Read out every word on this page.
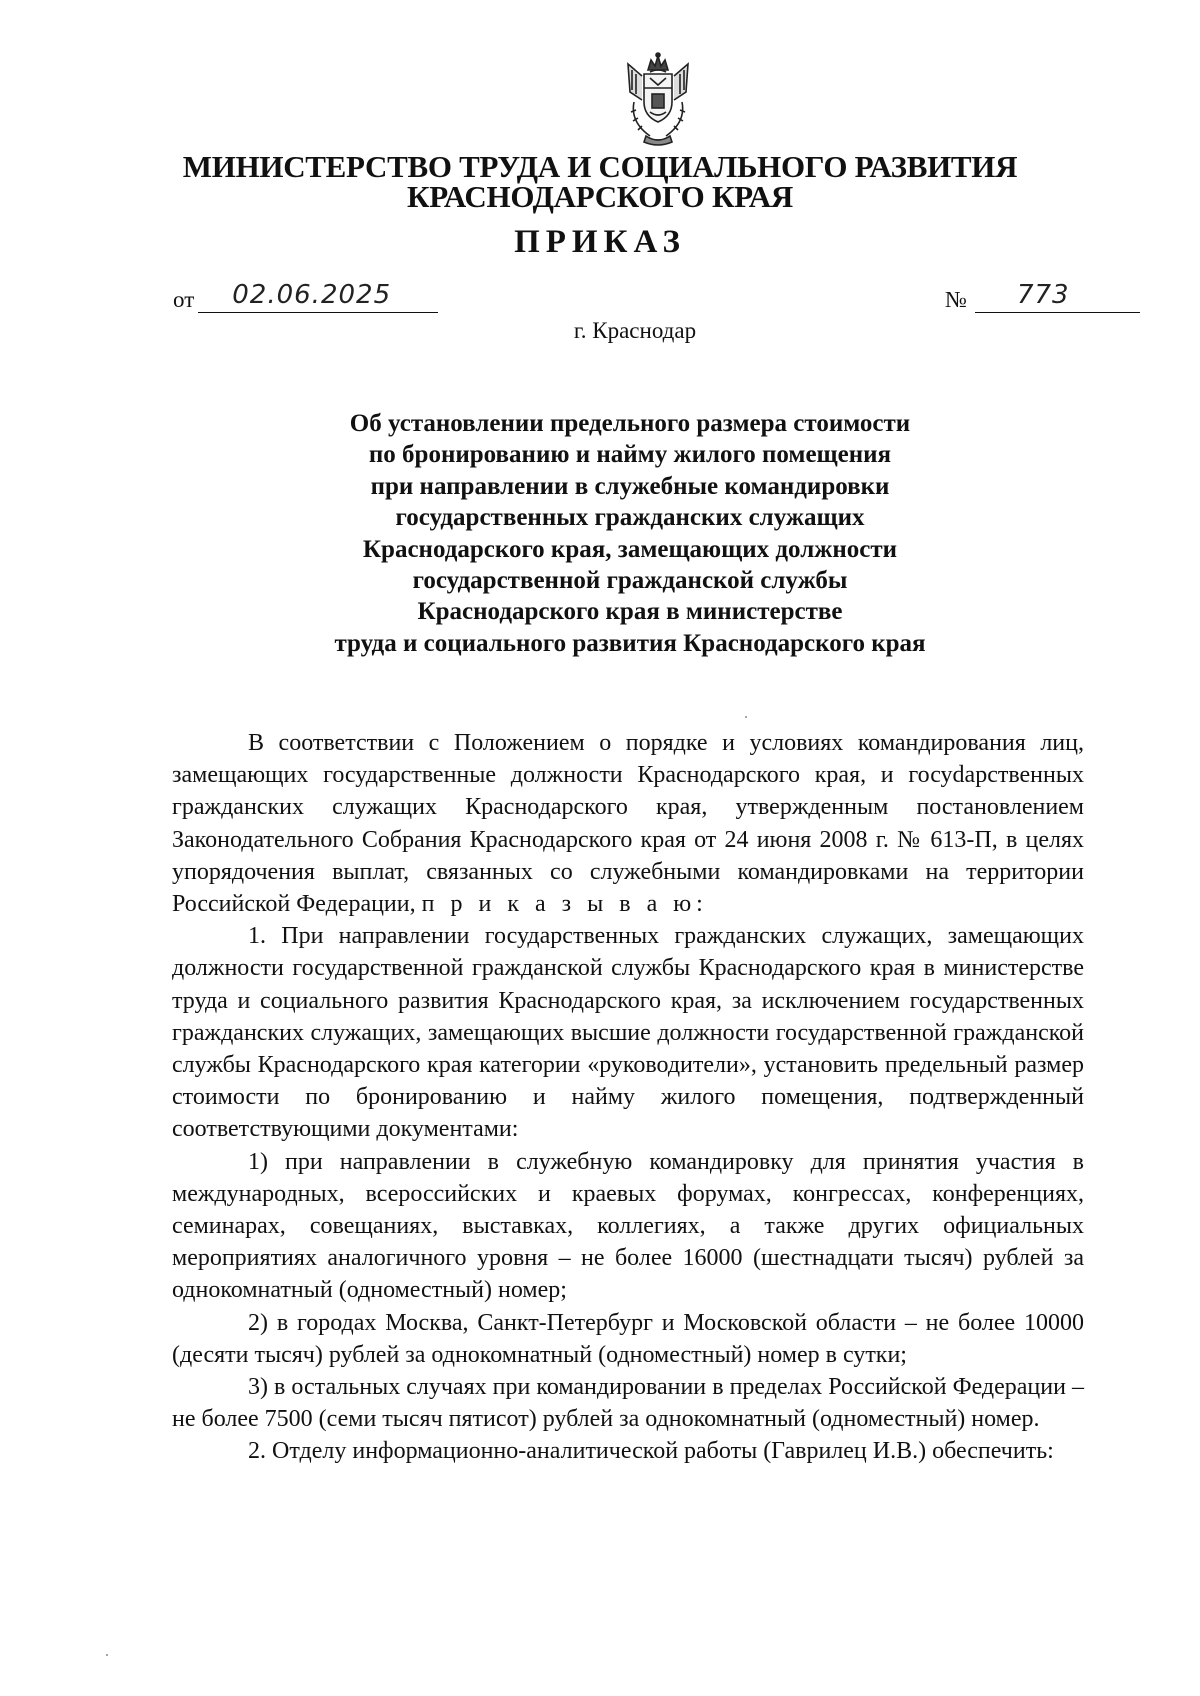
МИНИСТЕРСТВО ТРУДА И СОЦИАЛЬНОГО РАЗВИТИЯ
КРАСНОДАРСКОГО КРАЯ
ПРИКАЗ
от 02.06.2025	№ 773
г. Краснодар
Об установлении предельного размера стоимости
по бронированию и найму жилого помещения
при направлении в служебные командировки
государственных гражданских служащих
Краснодарского края, замещающих должности
государственной гражданской службы
Краснодарского края в министерстве
труда и социального развития Краснодарского края

В соответствии с Положением о порядке и условиях командирования лиц, замещающих государственные должности Краснодарского края, и госуdарственных гражданских служащих Краснодарского края, утвержденным постановлением Законодательного Собрания Краснодарского края от 24 июня 2008 г. № 613-П, в целях упорядочения выплат, связанных со служебными командировками на территории Российской Федерации, п р и к а з ы в а ю:

1. При направлении государственных гражданских служащих, замещающих должности государственной гражданской службы Краснодарского края в министерстве труда и социального развития Краснодарского края, за исключением государственных гражданских служащих, замещающих высшие должности государственной гражданской службы Краснодарского края категории «руководители», установить предельный размер стоимости по бронированию и найму жилого помещения, подтвержденный соответствующими документами:

1) при направлении в служебную командировку для принятия участия в международных, всероссийских и краевых форумах, конгрессах, конференциях, семинарах, совещаниях, выставках, коллегиях, а также других официальных мероприятиях аналогичного уровня – не более 16000 (шестнадцати тысяч) рублей за однокомнатный (одноместный) номер;

2) в городах Москва, Санкт-Петербург и Московской области – не более 10000 (десяти тысяч) рублей за однокомнатный (одноместный) номер в сутки;

3) в остальных случаях при командировании в пределах Российской Федерации – не более 7500 (семи тысяч пятисот) рублей за однокомнатный (одноместный) номер.

2. Отделу информационно-аналитической работы (Гаврилец И.В.) обеспечить:
